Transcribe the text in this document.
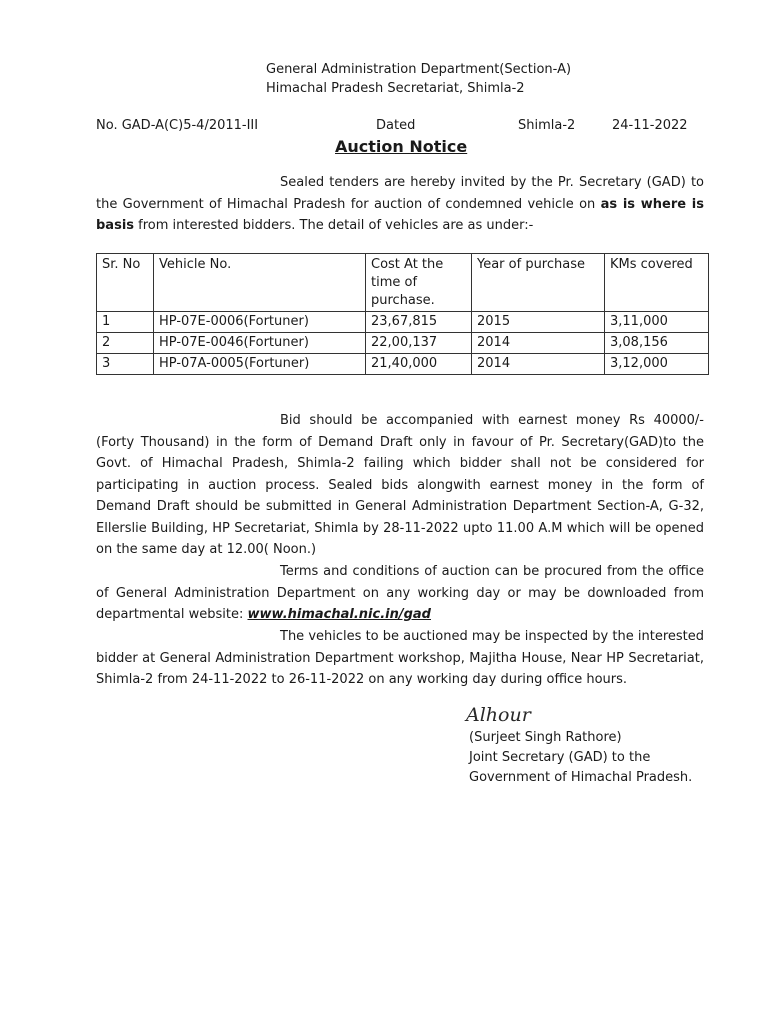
General Administration Department(Section-A)
Himachal Pradesh Secretariat, Shimla-2
No. GAD-A(C)5-4/2011-III	Dated	Shimla-2	24-11-2022
Auction Notice
Sealed tenders are hereby invited by the Pr. Secretary (GAD) to the Government of Himachal Pradesh for auction of condemned vehicle on as is where is basis from interested bidders. The detail of vehicles are as under:-
Sr. No	Vehicle No.	Cost At the time of purchase.	Year of purchase	KMs covered
1	HP-07E-0006(Fortuner)	23,67,815	2015	3,11,000
2	HP-07E-0046(Fortuner)	22,00,137	2014	3,08,156
3	HP-07A-0005(Fortuner)	21,40,000	2014	3,12,000
Bid should be accompanied with earnest money Rs 40000/- (Forty Thousand) in the form of Demand Draft only in favour of Pr. Secretary(GAD)to the Govt. of Himachal Pradesh, Shimla-2 failing which bidder shall not be considered for participating in auction process. Sealed bids alongwith earnest money in the form of Demand Draft should be submitted in General Administration Department Section-A, G-32, Ellerslie Building, HP Secretariat, Shimla by 28-11-2022 upto 11.00 A.M which will be opened on the same day at 12.00( Noon.)
Terms and conditions of auction can be procured from the office of General Administration Department on any working day or may be downloaded from departmental website: www.himachal.nic.in/gad
The vehicles to be auctioned may be inspected by the interested bidder at General Administration Department workshop, Majitha House, Near HP Secretariat, Shimla-2 from 24-11-2022 to 26-11-2022 on any working day during office hours.
Alhour
(Surjeet Singh Rathore)
Joint Secretary (GAD) to the
Government of Himachal Pradesh.
